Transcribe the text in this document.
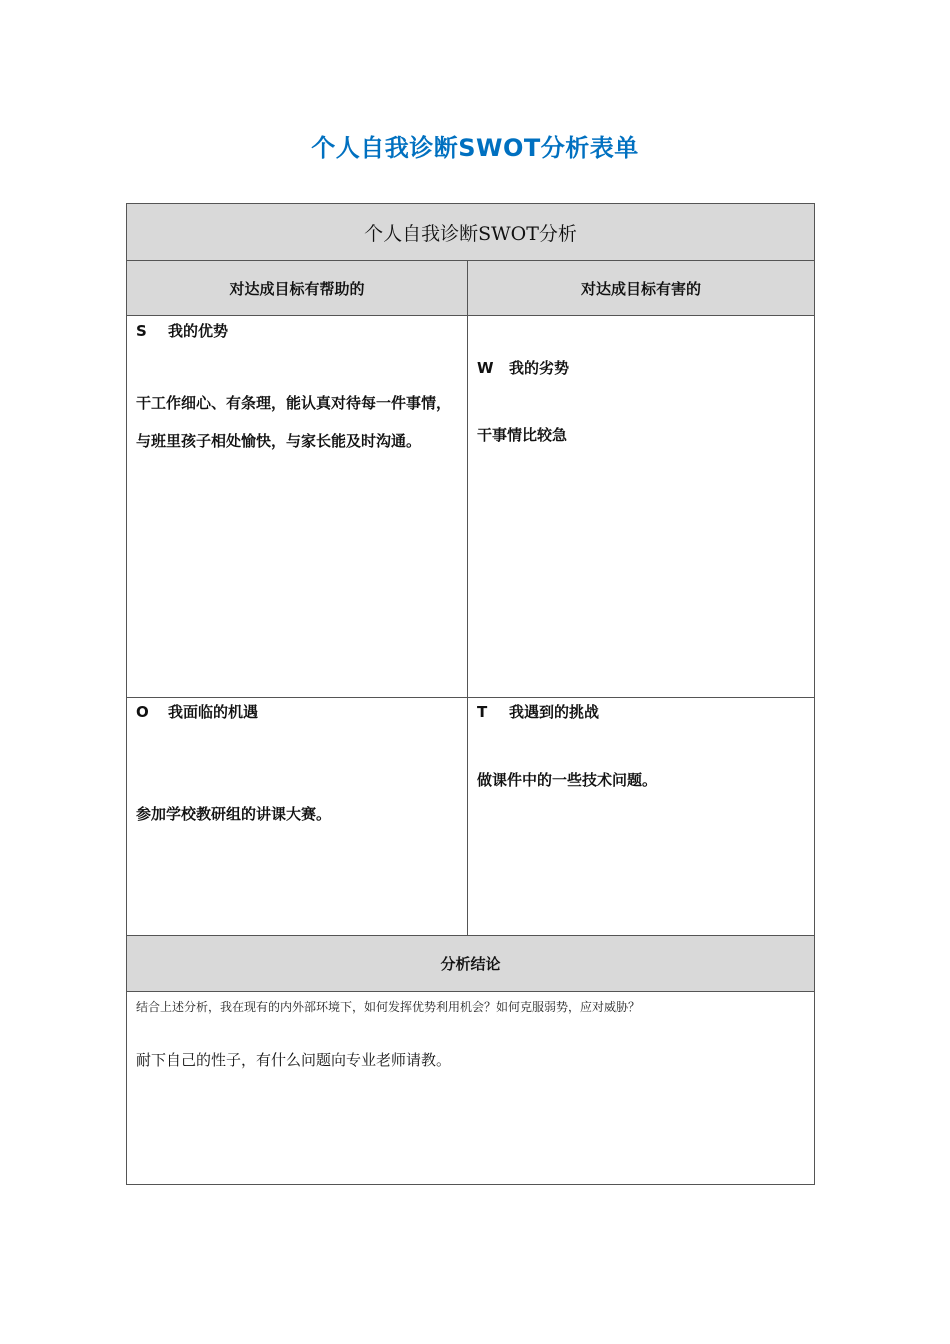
个人自我诊断SWOT分析表单
个人自我诊断SWOT分析
对达成目标有帮助的	对达成目标有害的
S 我的优势
干工作细心、有条理，能认真对待每一件事情，与班里孩子相处愉快，与家长能及时沟通。
W 我的劣势
干事情比较急
O 我面临的机遇
参加学校教研组的讲课大赛。
T 我遇到的挑战
做课件中的一些技术问题。
分析结论
结合上述分析，我在现有的内外部环境下，如何发挥优势利用机会？如何克服弱势，应对威胁？
耐下自己的性子，有什么问题向专业老师请教。
